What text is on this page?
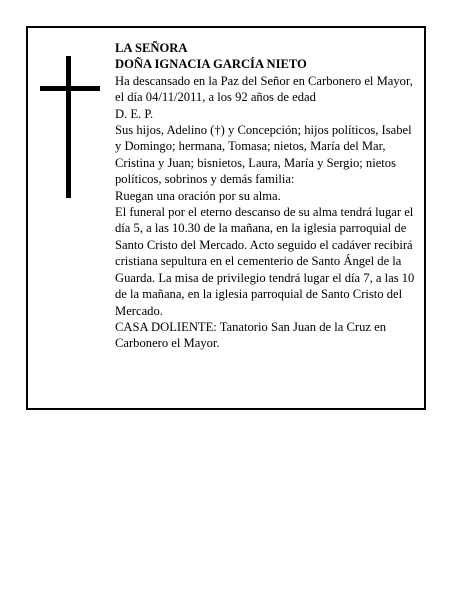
LA SEÑORA

DOÑA IGNACIA GARCÍA NIETO

Ha descansado en la Paz del Señor en Carbonero el Mayor, el día 04/11/2011, a los 92 años de edad

D. E. P.

Sus hijos, Adelino (†) y Concepción; hijos políticos, Isabel y Domingo; hermana, Tomasa; nietos, María del Mar, Cristina y Juan; bisnietos, Laura, María y Sergio; nietos políticos, sobrinos y demás familia:

Ruegan una oración por su alma.

El funeral por el eterno descanso de su alma tendrá lugar el día 5, a las 10.30 de la mañana, en la iglesia parroquial de Santo Cristo del Mercado. Acto seguido el cadáver recibirá cristiana sepultura en el cementerio de Santo Ángel de la Guarda. La misa de privilegio tendrá lugar el día 7, a las 10 de la mañana, en la iglesia parroquial de Santo Cristo del Mercado.

CASA DOLIENTE: Tanatorio San Juan de la Cruz en Carbonero el Mayor.
